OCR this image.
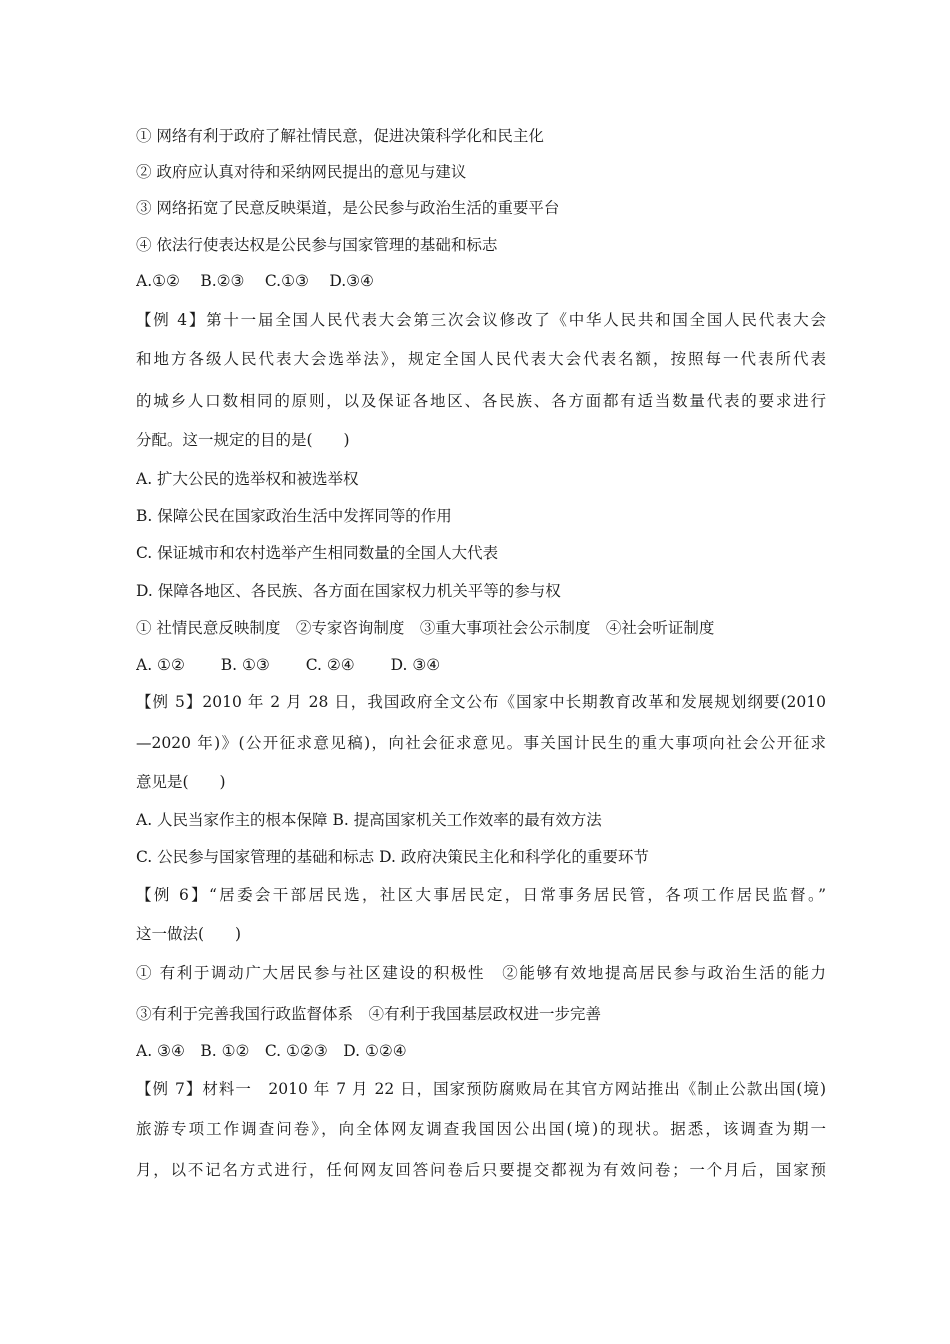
① 网络有利于政府了解社情民意，促进决策科学化和民主化
② 政府应认真对待和采纳网民提出的意见与建议
③ 网络拓宽了民意反映渠道，是公民参与政治生活的重要平台
④ 依法行使表达权是公民参与国家管理的基础和标志
A.①②　 B.②③　 C.①③　 D.③④
【例 4】第十一届全国人民代表大会第三次会议修改了《中华人民共和国全国人民代表大会
和地方各级人民代表大会选举法》，规定全国人民代表大会代表名额，按照每一代表所代表
的城乡人口数相同的原则，以及保证各地区、各民族、各方面都有适当数量代表的要求进行
分配。这一规定的目的是(　　)
A. 扩大公民的选举权和被选举权
B. 保障公民在国家政治生活中发挥同等的作用
C. 保证城市和农村选举产生相同数量的全国人大代表
D. 保障各地区、各民族、各方面在国家权力机关平等的参与权
① 社情民意反映制度　②专家咨询制度　③重大事项社会公示制度　④社会听证制度
A. ①②　　 B. ①③　　 C. ②④　　 D. ③④
【例 5】2010 年 2 月 28 日，我国政府全文公布《国家中长期教育改革和发展规划纲要(2010
—2020 年)》(公开征求意见稿)，向社会征求意见。事关国计民生的重大事项向社会公开征求
意见是(　　)
A. 人民当家作主的根本保障 B. 提高国家机关工作效率的最有效方法
C. 公民参与国家管理的基础和标志 D. 政府决策民主化和科学化的重要环节
【例 6】“居委会干部居民选，社区大事居民定，日常事务居民管，各项工作居民监督。”
这一做法(　　)
① 有利于调动广大居民参与社区建设的积极性　②能够有效地提高居民参与政治生活的能力
③有利于完善我国行政监督体系　④有利于我国基层政权进一步完善
A. ③④　B. ①②　C. ①②③　D. ①②④
【例 7】材料一　2010 年 7 月 22 日，国家预防腐败局在其官方网站推出《制止公款出国(境)
旅游专项工作调查问卷》，向全体网友调查我国因公出国(境)的现状。据悉，该调查为期一
月，以不记名方式进行，任何网友回答问卷后只要提交都视为有效问卷；一个月后，国家预
